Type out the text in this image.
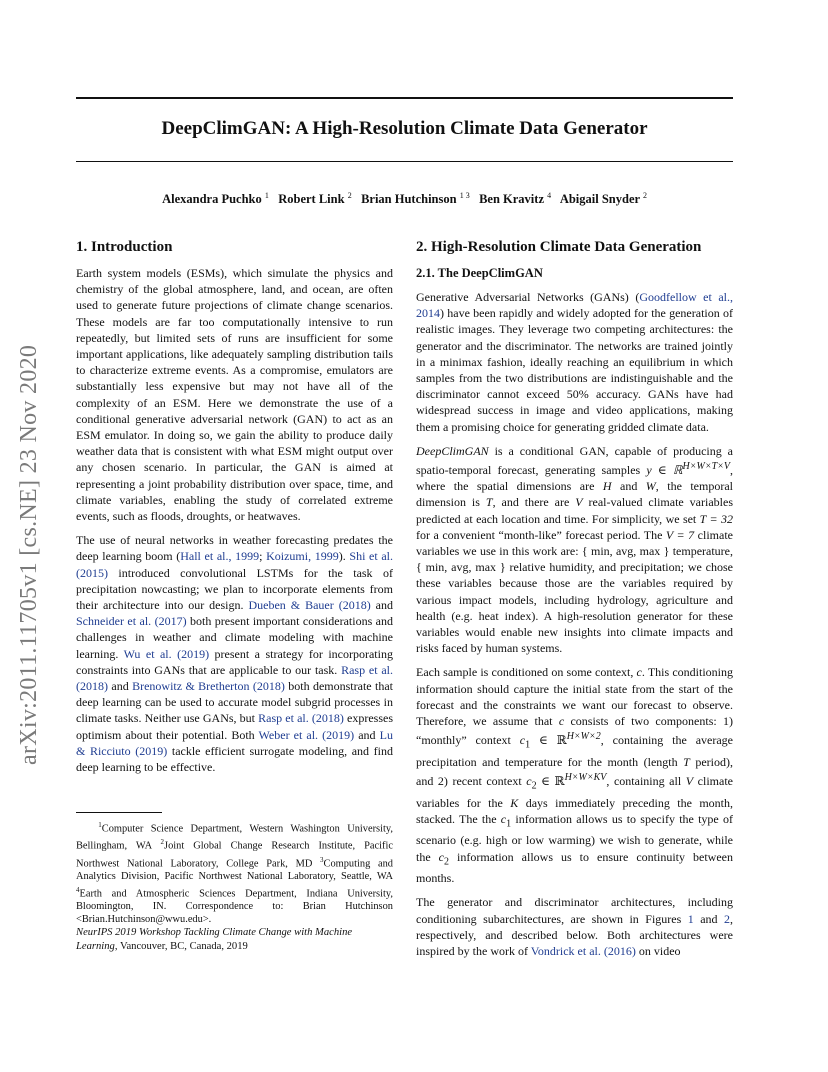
DeepClimGAN: A High-Resolution Climate Data Generator
Alexandra Puchko $^1$ Robert Link $^2$ Brian Hutchinson $^{1 3}$ Ben Kravitz $^4$ Abigail Snyder $^2$
arXiv:2011.11705v1 [cs.NE] 23 Nov 2020
1. Introduction

Earth system models (ESMs), which simulate the physics and chemistry of the global atmosphere, land, and ocean, are often used to generate future projections of climate change scenarios. These models are far too computationally intensive to run repeatedly, but limited sets of runs are insufficient for some important applications, like adequately sampling distribution tails to characterize extreme events. As a compromise, emulators are substantially less expensive but may not have all of the complexity of an ESM. Here we demonstrate the use of a conditional generative adversarial network (GAN) to act as an ESM emulator. In doing so, we gain the ability to produce daily weather data that is consistent with what ESM might output over any chosen scenario. In particular, the GAN is aimed at representing a joint probability distribution over space, time, and climate variables, enabling the study of correlated extreme events, such as floods, droughts, or heatwaves.

The use of neural networks in weather forecasting predates the deep learning boom (Hall et al., 1999; Koizumi, 1999). Shi et al. (2015) introduced convolutional LSTMs for the task of precipitation nowcasting; we plan to incorporate elements from their architecture into our design. Dueben & Bauer (2018) and Schneider et al. (2017) both present important considerations and challenges in weather and climate modeling with machine learning. Wu et al. (2019) present a strategy for incorporating constraints into GANs that are applicable to our task. Rasp et al. (2018) and Brenowitz & Bretherton (2018) both demonstrate that deep learning can be used to accurate model subgrid processes in climate tasks. Neither use GANs, but Rasp et al. (2018) expresses optimism about their potential. Both Weber et al. (2019) and Lu & Ricciuto (2019) tackle efficient surrogate modeling, and find deep learning to be effective.

$^1$Computer Science Department, Western Washington University, Bellingham, WA $^2$Joint Global Change Research Institute, Pacific Northwest National Laboratory, College Park, MD $^3$Computing and Analytics Division, Pacific Northwest National Laboratory, Seattle, WA $^4$Earth and Atmospheric Sciences Department, Indiana University, Bloomington, IN. Correspondence to: Brian Hutchinson <Brian.Hutchinson@wwu.edu>.
NeurIPS 2019 Workshop Tackling Climate Change with Machine Learning, Vancouver, BC, Canada, 2019
2. High-Resolution Climate Data Generation
2.1. The DeepClimGAN

Generative Adversarial Networks (GANs) (Goodfellow et al., 2014) have been rapidly and widely adopted for the generation of realistic images. They leverage two competing architectures: the generator and the discriminator. The networks are trained jointly in a minimax fashion, ideally reaching an equilibrium in which samples from the two distributions are indistinguishable and the discriminator cannot exceed 50% accuracy. GANs have had widespread success in image and video applications, making them a promising choice for generating gridded climate data.

DeepClimGAN is a conditional GAN, capable of producing a spatio-temporal forecast, generating samples y ∈ ℝ$^{H\times W\times T\times V}$, where the spatial dimensions are H and W, the temporal dimension is T, and there are V real-valued climate variables predicted at each location and time. For simplicity, we set T = 32 for a convenient “month-like” forecast period. The V = 7 climate variables we use in this work are: { min, avg, max } temperature, { min, avg, max } relative humidity, and precipitation; we chose these variables because those are the variables required by various impact models, including hydrology, agriculture and health (e.g. heat index). A high-resolution generator for these variables would enable new insights into climate impacts and risks faced by human systems.

Each sample is conditioned on some context, c. This conditioning information should capture the initial state from the start of the forecast and the constraints we want our forecast to observe. Therefore, we assume that c consists of two components: 1) “monthly” context $c_1$ ∈ ℝ$^{H\times W\times 2}$, containing the average precipitation and temperature for the month (length T period), and 2) recent context $c_2$ ∈ ℝ$^{H\times W\times KV}$, containing all V climate variables for the K days immediately preceding the month, stacked. The the $c_1$ information allows us to specify the type of scenario (e.g. high or low warming) we wish to generate, while the $c_2$ information allows us to ensure continuity between months.

The generator and discriminator architectures, including conditioning subarchitectures, are shown in Figures 1 and 2, respectively, and described below. Both architectures were inspired by the work of Vondrick et al. (2016) on video
